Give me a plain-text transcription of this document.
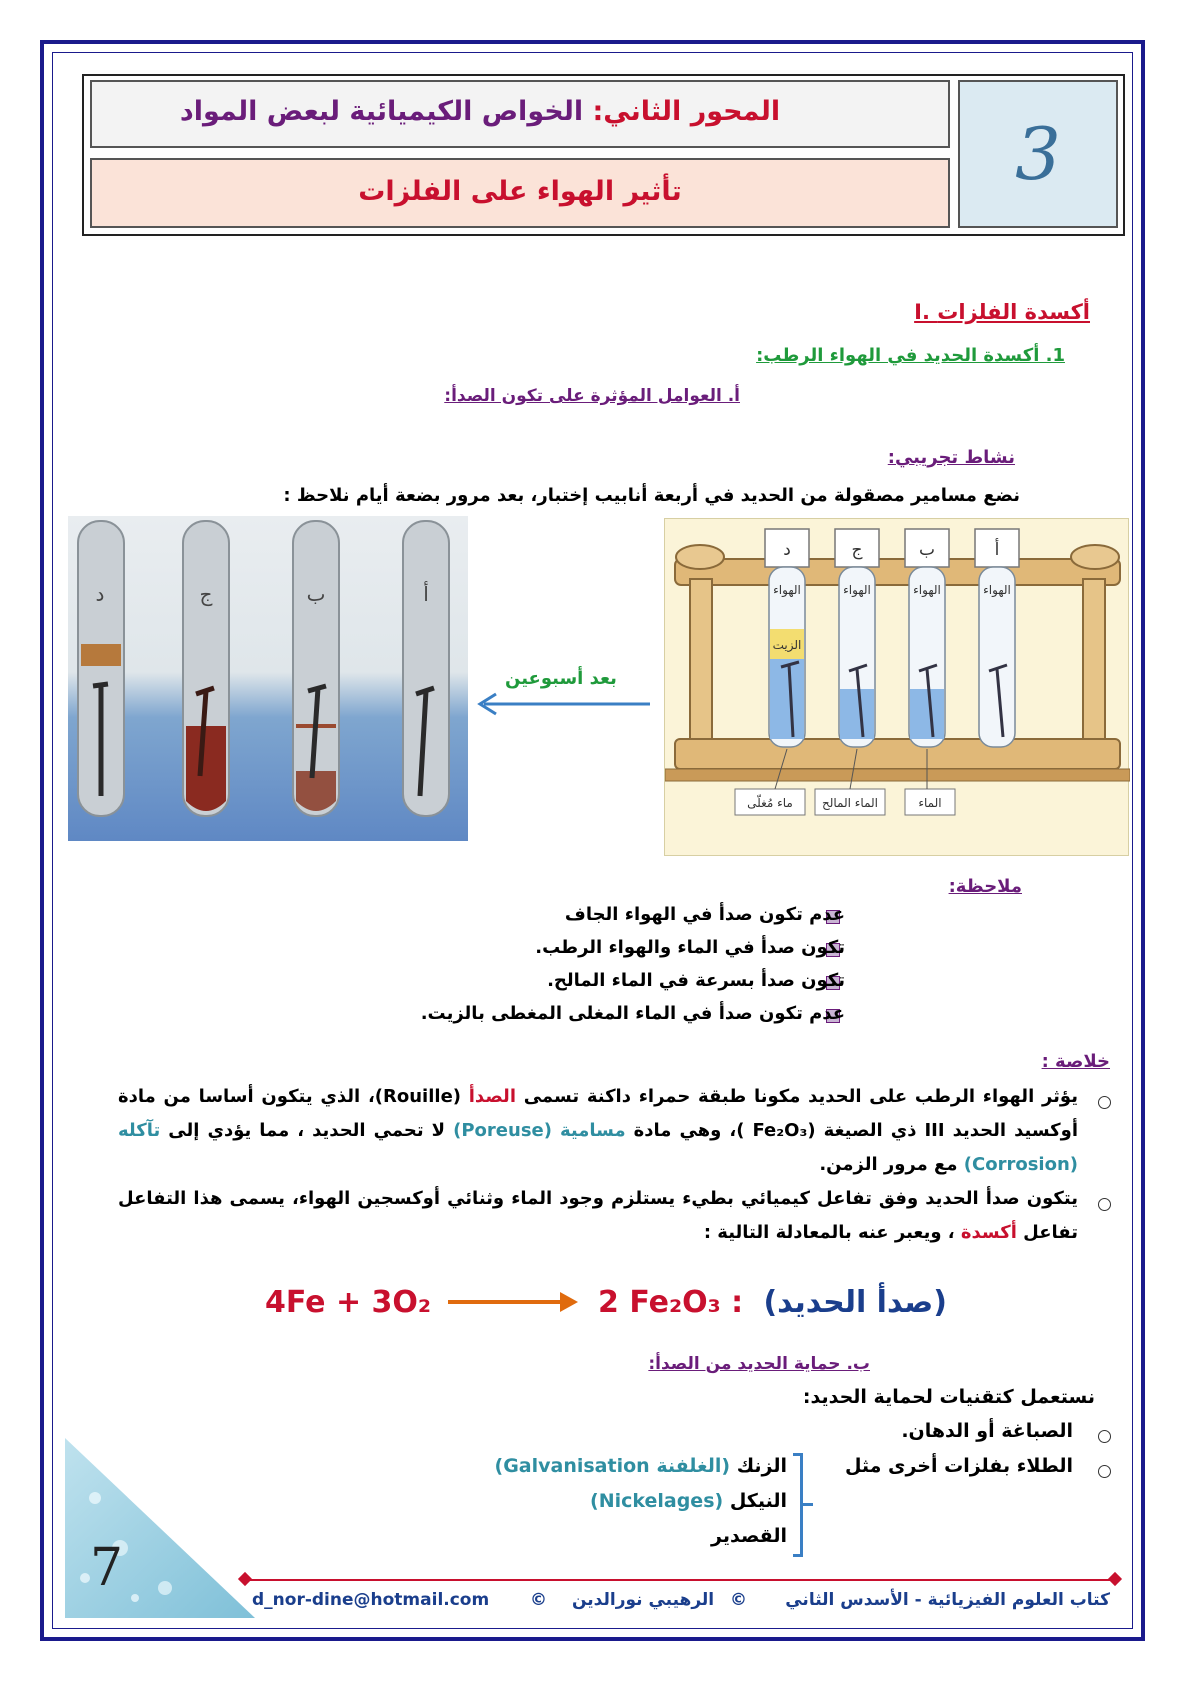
3
المحور الثاني: الخواص الكيميائية لبعض المواد
تأثير الهواء على الفلزات
I. أكسدة الفلزات
1. أكسدة الحديد في الهواء الرطب:
أ. العوامل المؤثرة على تكون الصدأ:
نشاط تجريبي:
نضع مسامير مصقولة من الحديد في أربعة أنابيب إختبار، بعد مرور بضعة أيام نلاحظ :
د	ج	ب	أ
بعد أسبوعين
د
الهواء
الزيت
ج
الهواء
ب
الهواء
أ
الهواء
ماء مُغلّى الماء المالح	الماء
ملاحظة:
عدم تكون صدأ في الهواء الجاف
تكون صدأ في الماء والهواء الرطب.
تكون صدأ بسرعة في الماء المالح.
عدم تكون صدأ في الماء المغلى المغطى بالزيت.
خلاصة :
يؤثر الهواء الرطب على الحديد مكونا طبقة حمراء داكنة تسمى الصدأ (Rouille)، الذي يتكون أساسا من مادة أوكسيد الحديد III ذي الصيغة (Fe₂O₃ )، وهي مادة مسامية (Poreuse) لا تحمي الحديد ، مما يؤدي إلى تآكله (Corrosion) مع مرور الزمن.
يتكون صدأ الحديد وفق تفاعل كيميائي بطيء يستلزم وجود الماء وثنائي أوكسجين الهواء، يسمى هذا التفاعل تفاعل أكسدة ، ويعبر عنه بالمعادلة التالية :
4Fe + 3O₂	2 Fe₂O₃ : (صدأ الحديد)
ب. حماية الحديد من الصدأ:
نستعمل كتقنيات لحماية الحديد:
الصباغة أو الدهان.
الطلاء بفلزات أخرى مثل
الزنك (الغلفنة Galvanisation)
النيكل (Nickelages)
القصدير
7
كتاب العلوم الفيزيائية - الأسدس الثاني
©
الرهيبي نورالدين
©
d_nor-dine@hotmail.com
